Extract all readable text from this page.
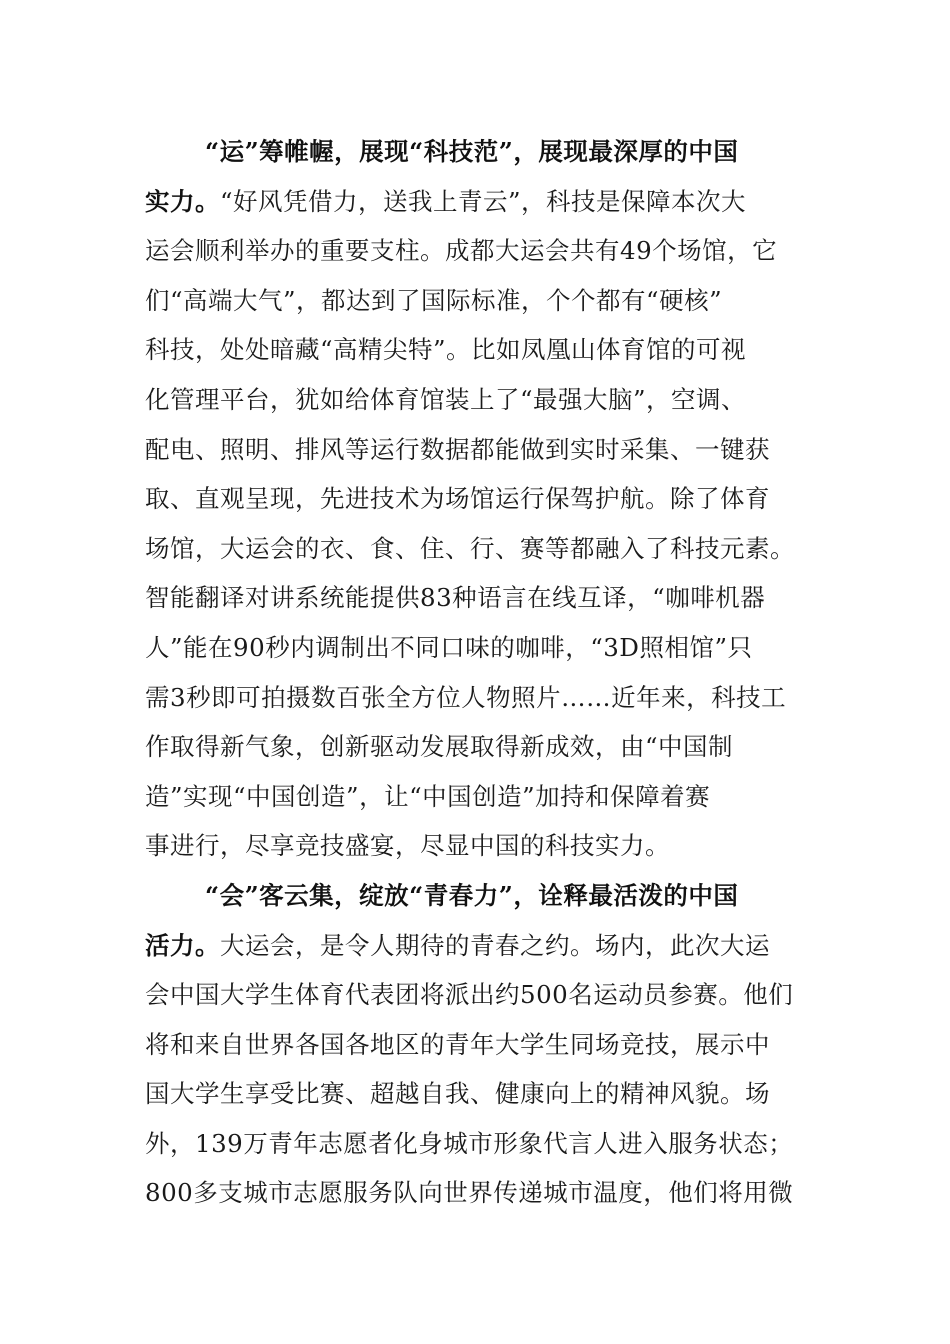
“运”筹帷幄，展现“科技范”，展现最深厚的中国
实力。“好风凭借力，送我上青云”，科技是保障本次大
运会顺利举办的重要支柱。成都大运会共有49个场馆，它
们“高端大气”，都达到了国际标准，个个都有“硬核”
科技，处处暗藏“高精尖特”。比如凤凰山体育馆的可视
化管理平台，犹如给体育馆装上了“最强大脑”，空调、
配电、照明、排风等运行数据都能做到实时采集、一键获
取、直观呈现，先进技术为场馆运行保驾护航。除了体育
场馆，大运会的衣、食、住、行、赛等都融入了科技元素。
智能翻译对讲系统能提供83种语言在线互译，“咖啡机器
人”能在90秒内调制出不同口味的咖啡，“3D照相馆”只
需3秒即可拍摄数百张全方位人物照片……近年来，科技工
作取得新气象，创新驱动发展取得新成效，由“中国制
造”实现“中国创造”，让“中国创造”加持和保障着赛
事进行，尽享竞技盛宴，尽显中国的科技实力。
“会”客云集，绽放“青春力”，诠释最活泼的中国
活力。大运会，是令人期待的青春之约。场内，此次大运
会中国大学生体育代表团将派出约500名运动员参赛。他们
将和来自世界各国各地区的青年大学生同场竞技，展示中
国大学生享受比赛、超越自我、健康向上的精神风貌。场
外，139万青年志愿者化身城市形象代言人进入服务状态；
800多支城市志愿服务队向世界传递城市温度，他们将用微
